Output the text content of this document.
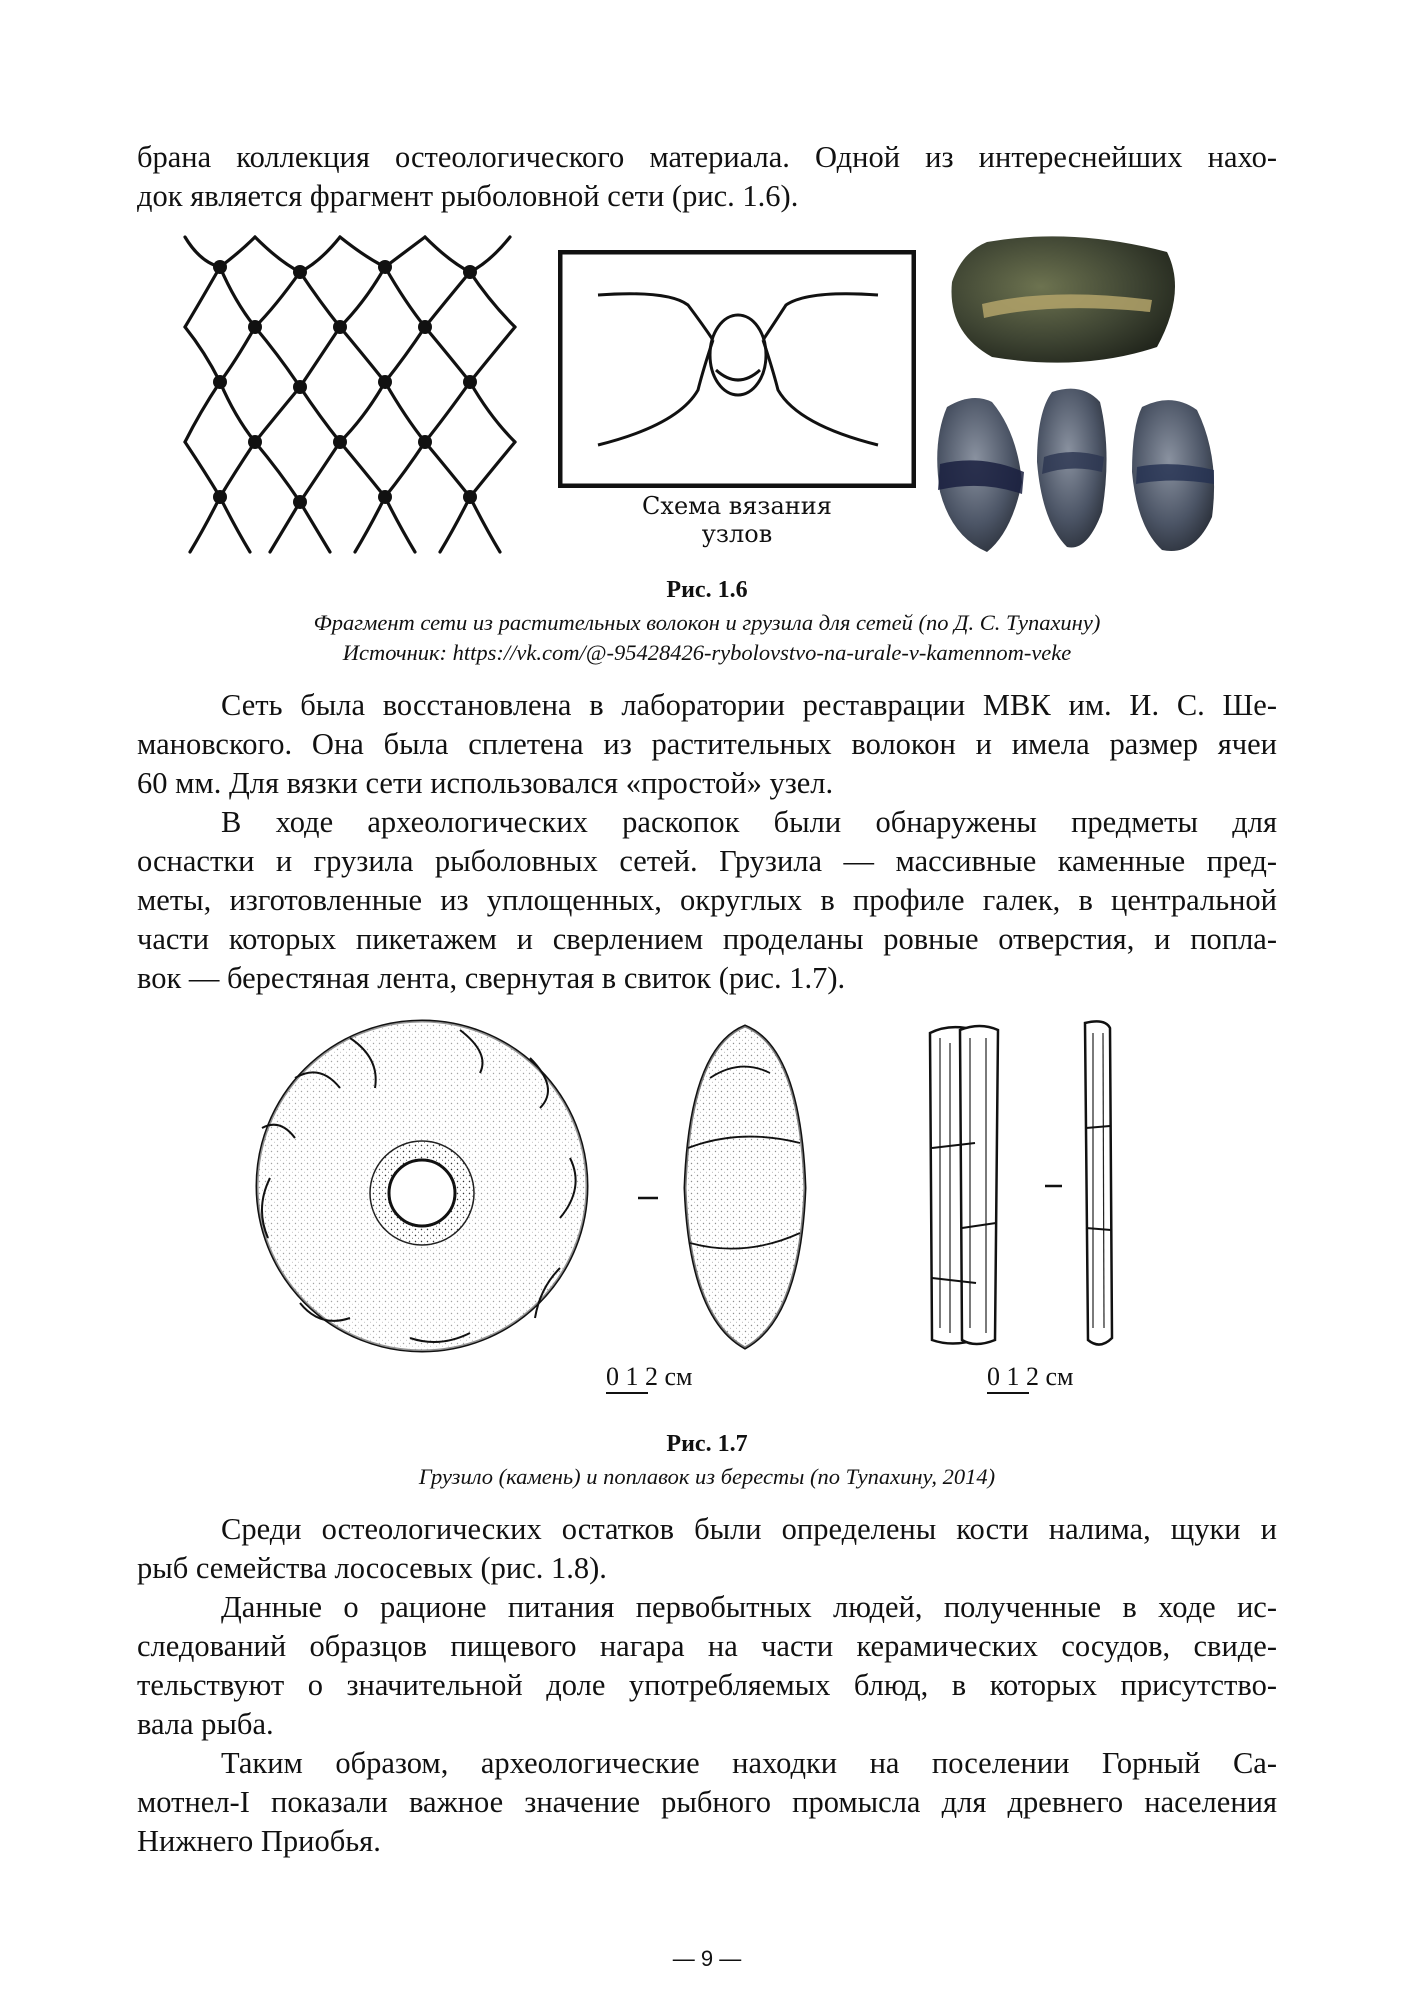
брана коллекция остеологического материала. Одной из интереснейших нахо-

док является фрагмент рыболовной сети (рис. 1.6).

Схема вязания
узлов
Рис. 1.6
Фрагмент сети из растительных волокон и грузила для сетей (по Д. С. Тупахину)
Источник: https://vk.com/@-95428426-rybolovstvo-na-urale-v-kamennom-veke

Сеть была восстановлена в лаборатории реставрации МВК им. И. С. Ше-

мановского. Она была сплетена из растительных волокон и имела размер ячеи

60 мм. Для вязки сети использовался «простой» узел.

В ходе археологических раскопок были обнаружены предметы для

оснастки и грузила рыболовных сетей. Грузила — массивные каменные пред-

меты, изготовленные из уплощенных, округлых в профиле галек, в центральной

части которых пикетажем и сверлением проделаны ровные отверстия, и попла-

вок — берестяная лента, свернутая в свиток (рис. 1.7).

0 1 2 см	0 1 2 см
Рис. 1.7
Грузило (камень) и поплавок из бересты (по Тупахину, 2014)

Среди остеологических остатков были определены кости налима, щуки и

рыб семейства лососевых (рис. 1.8).

Данные о рационе питания первобытных людей, полученные в ходе ис-

следований образцов пищевого нагара на части керамических сосудов, свиде-

тельствуют о значительной доле употребляемых блюд, в которых присутство-

вала рыба.

Таким образом, археологические находки на поселении Горный Са-

мотнел-I показали важное значение рыбного промысла для древнего населения

Нижнего Приобья.

— 9 —
